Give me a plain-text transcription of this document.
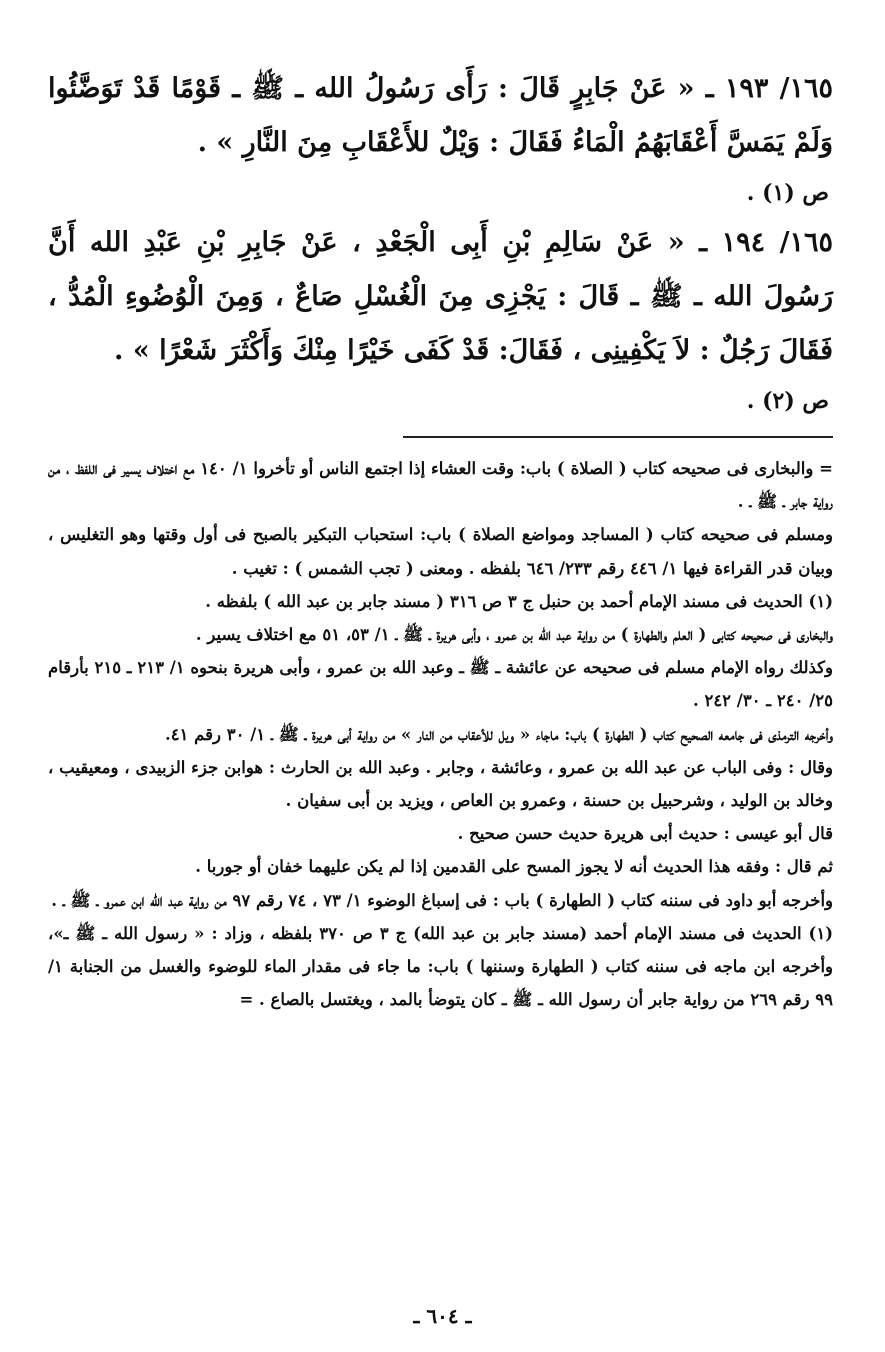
١٦٥/ ١٩٣ ـ « عَنْ جَابِرٍ قَالَ : رَأَى رَسُولُ الله ـ ﷺ ـ قَوْمًا قَدْ تَوَضَّئُوا وَلَمْ يَمَسَّ أَعْقَابَهُمُ الْمَاءُ فَقَالَ : وَيْلٌ للأَعْقَابِ مِنَ النَّارِ » .

ص (١) .

١٦٥/ ١٩٤ ـ « عَنْ سَالِمِ بْنِ أَبِى الْجَعْدِ ، عَنْ جَابِرِ بْنِ عَبْدِ الله أَنَّ رَسُولَ الله ـ ﷺ ـ قَالَ : يَجْزِى مِنَ الْغُسْلِ صَاعٌ ، وَمِنَ الْوُضُوءِ الْمُدُّ ، فَقَالَ رَجُلٌ : لاَ يَكْفِينِى ، فَقَالَ: قَدْ كَفَى خَيْرًا مِنْكَ وَأَكْثَرَ شَعْرًا » .

ص (٢) .

= والبخارى فى صحيحه كتاب ( الصلاة ) باب: وقت العشاء إذا اجتمع الناس أو تأخروا ١/ ١٤٠ مع اختلاف يسير فى اللفظ ، من رواية جابر ـ ﷺ ـ .

ومسلم فى صحيحه كتاب ( المساجد ومواضع الصلاة ) باب: استحباب التبكير بالصبح فى أول وقتها وهو التغليس ، وبيان قدر القراءة فيها ١/ ٤٤٦ رقم ٢٣٣/ ٦٤٦ بلفظه . ومعنى ( تجب الشمس ) : تغيب .

(١) الحديث فى مسند الإمام أحمد بن حنبل ج ٣ ص ٣١٦ ( مسند جابر بن عبد الله ) بلفظه .

والبخارى فى صحيحه كتابى ( العلم والطهارة ) من رواية عبد الله بن عمرو ، وأبى هريرة ـ ﷺ ـ ١/ ٥٣، ٥١ مع اختلاف يسير .

وكذلك رواه الإمام مسلم فى صحيحه عن عائشة ـ ﷺ ـ وعبد الله بن عمرو ، وأبى هريرة بنحوه ١/ ٢١٣ ـ ٢١٥ بأرقام ٢٥/ ٢٤٠ ـ ٣٠/ ٢٤٢ .

وأخرجه الترمذى فى جامعه الصحيح كتاب ( الطهارة ) باب: ماجاء « ويل للأعقاب من النار » من رواية أبى هريرة ـ ﷺ ـ ١/ ٣٠ رقم ٤١.

وقال : وفى الباب عن عبد الله بن عمرو ، وعائشة ، وجابر . وعبد الله بن الحارث : هوابن جزء الزبيدى ، ومعيقيب ، وخالد بن الوليد ، وشرحبيل بن حسنة ، وعمرو بن العاص ، ويزيد بن أبى سفيان .

قال أبو عيسى : حديث أبى هريرة حديث حسن صحيح .

ثم قال : وفقه هذا الحديث أنه لا يجوز المسح على القدمين إذا لم يكن عليهما خفان أو جوربا .

وأخرجه أبو داود فى سننه كتاب ( الطهارة ) باب : فى إسباغ الوضوء ١/ ٧٣ ، ٧٤ رقم ٩٧ من رواية عبد الله ابن عمرو ـ ﷺ ـ .

(١) الحديث فى مسند الإمام أحمد (مسند جابر بن عبد الله) ج ٣ ص ٣٧٠ بلفظه ، وزاد : « رسول الله ـ ﷺ ـ»، وأخرجه ابن ماجه فى سننه كتاب ( الطهارة وسننها ) باب: ما جاء فى مقدار الماء للوضوء والغسل من الجنابة ١/ ٩٩ رقم ٢٦٩ من رواية جابر أن رسول الله ـ ﷺ ـ كان يتوضأ بالمد ، ويغتسل بالصاع . =

ـ ٦٠٤ ـ
